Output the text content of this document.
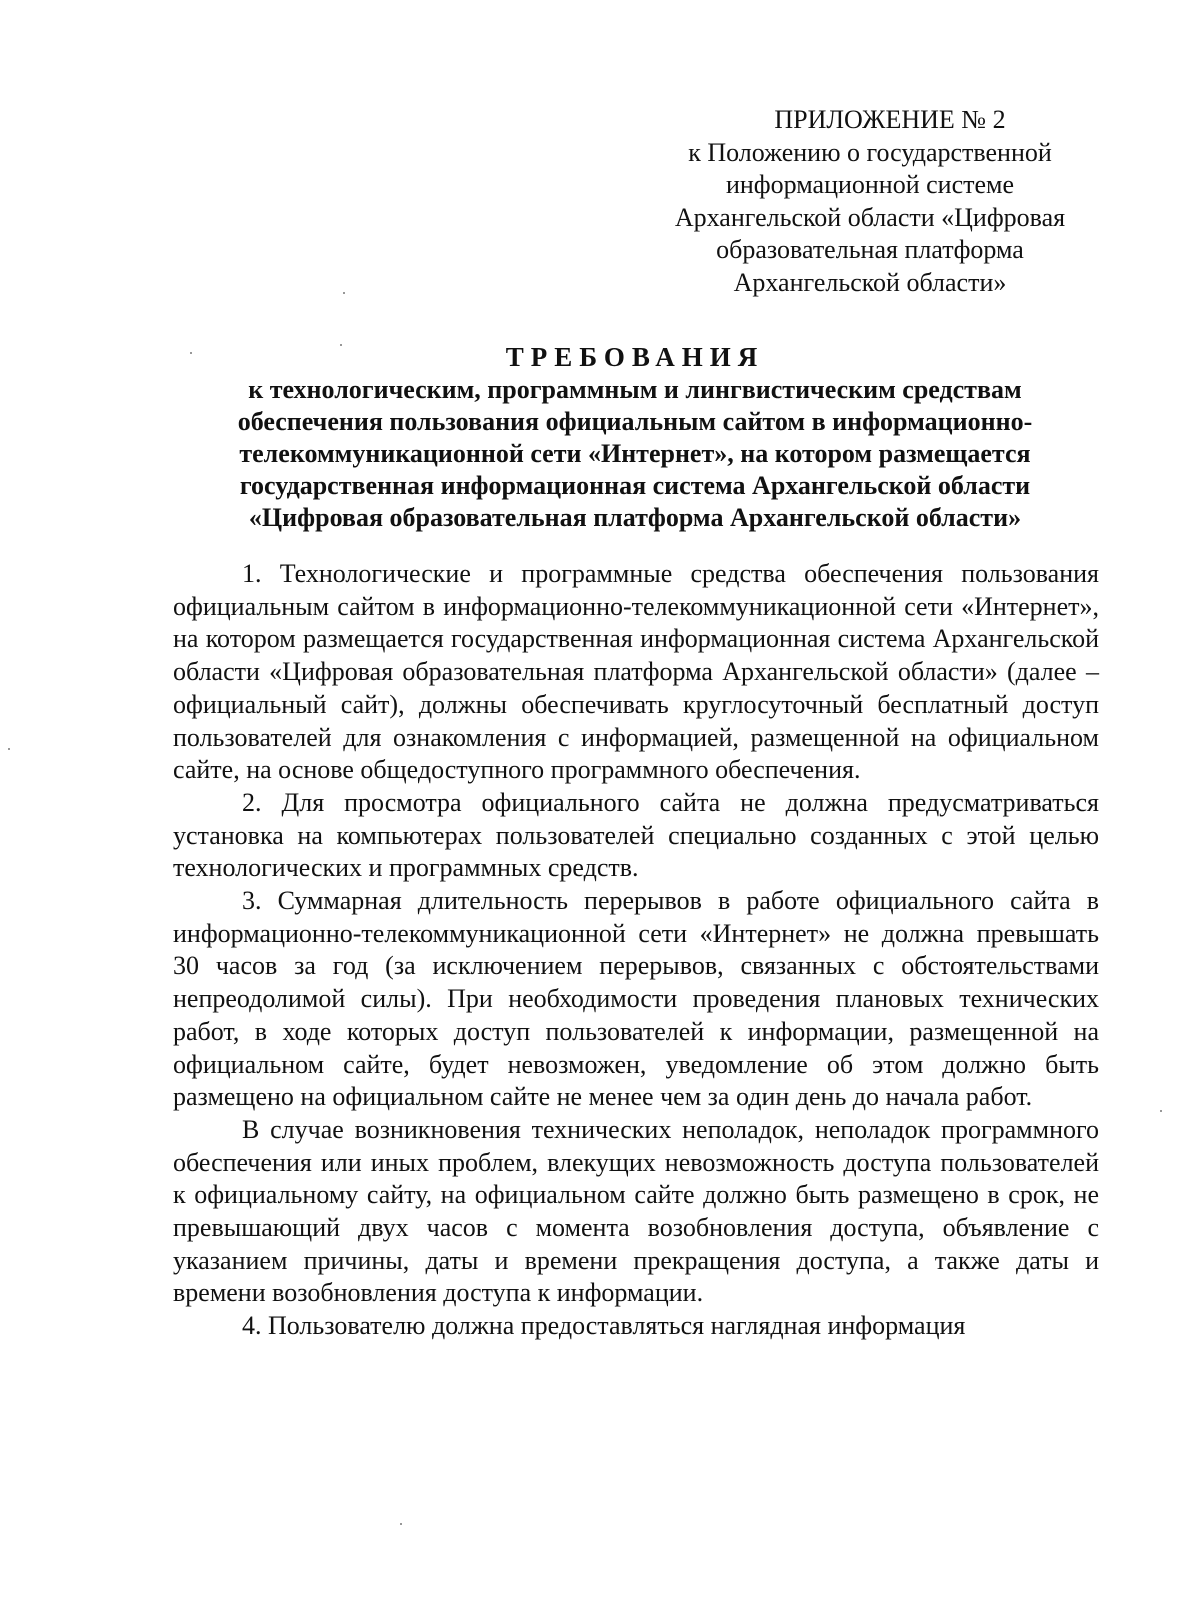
ПРИЛОЖЕНИЕ № 2
к Положению о государственной
информационной системе
Архангельской области «Цифровая
образовательная платформа
Архангельской области»
ТРЕБОВАНИЯ
к технологическим, программным и лингвистическим средствам
обеспечения пользования официальным сайтом в информационно-
телекоммуникационной сети «Интернет», на котором размещается
государственная информационная система Архангельской области
«Цифровая образовательная платформа Архангельской области»

1. Технологические и программные средства обеспечения пользования официальным сайтом в информационно-телекоммуникационной сети «Интернет», на котором размещается государственная информационная система Архангельской области «Цифровая образовательная платформа Архангельской области» (далее – официальный сайт), должны обеспечивать круглосуточный бесплатный доступ пользователей для ознакомления с информацией, размещенной на официальном сайте, на основе общедоступного программного обеспечения.

2. Для просмотра официального сайта не должна предусматриваться установка на компьютерах пользователей специально созданных с этой целью технологических и программных средств.

3. Суммарная длительность перерывов в работе официального сайта в информационно-телекоммуникационной сети «Интернет» не должна превышать 30 часов за год (за исключением перерывов, связанных с обстоятельствами непреодолимой силы). При необходимости проведения плановых технических работ, в ходе которых доступ пользователей к информации, размещенной на официальном сайте, будет невозможен, уведомление об этом должно быть размещено на официальном сайте не менее чем за один день до начала работ.

В случае возникновения технических неполадок, неполадок программного обеспечения или иных проблем, влекущих невозможность доступа пользователей к официальному сайту, на официальном сайте должно быть размещено в срок, не превышающий двух часов с момента возобновления доступа, объявление с указанием причины, даты и времени прекращения доступа, а также даты и времени возобновления доступа к информации.

4. Пользователю должна предоставляться наглядная информация
